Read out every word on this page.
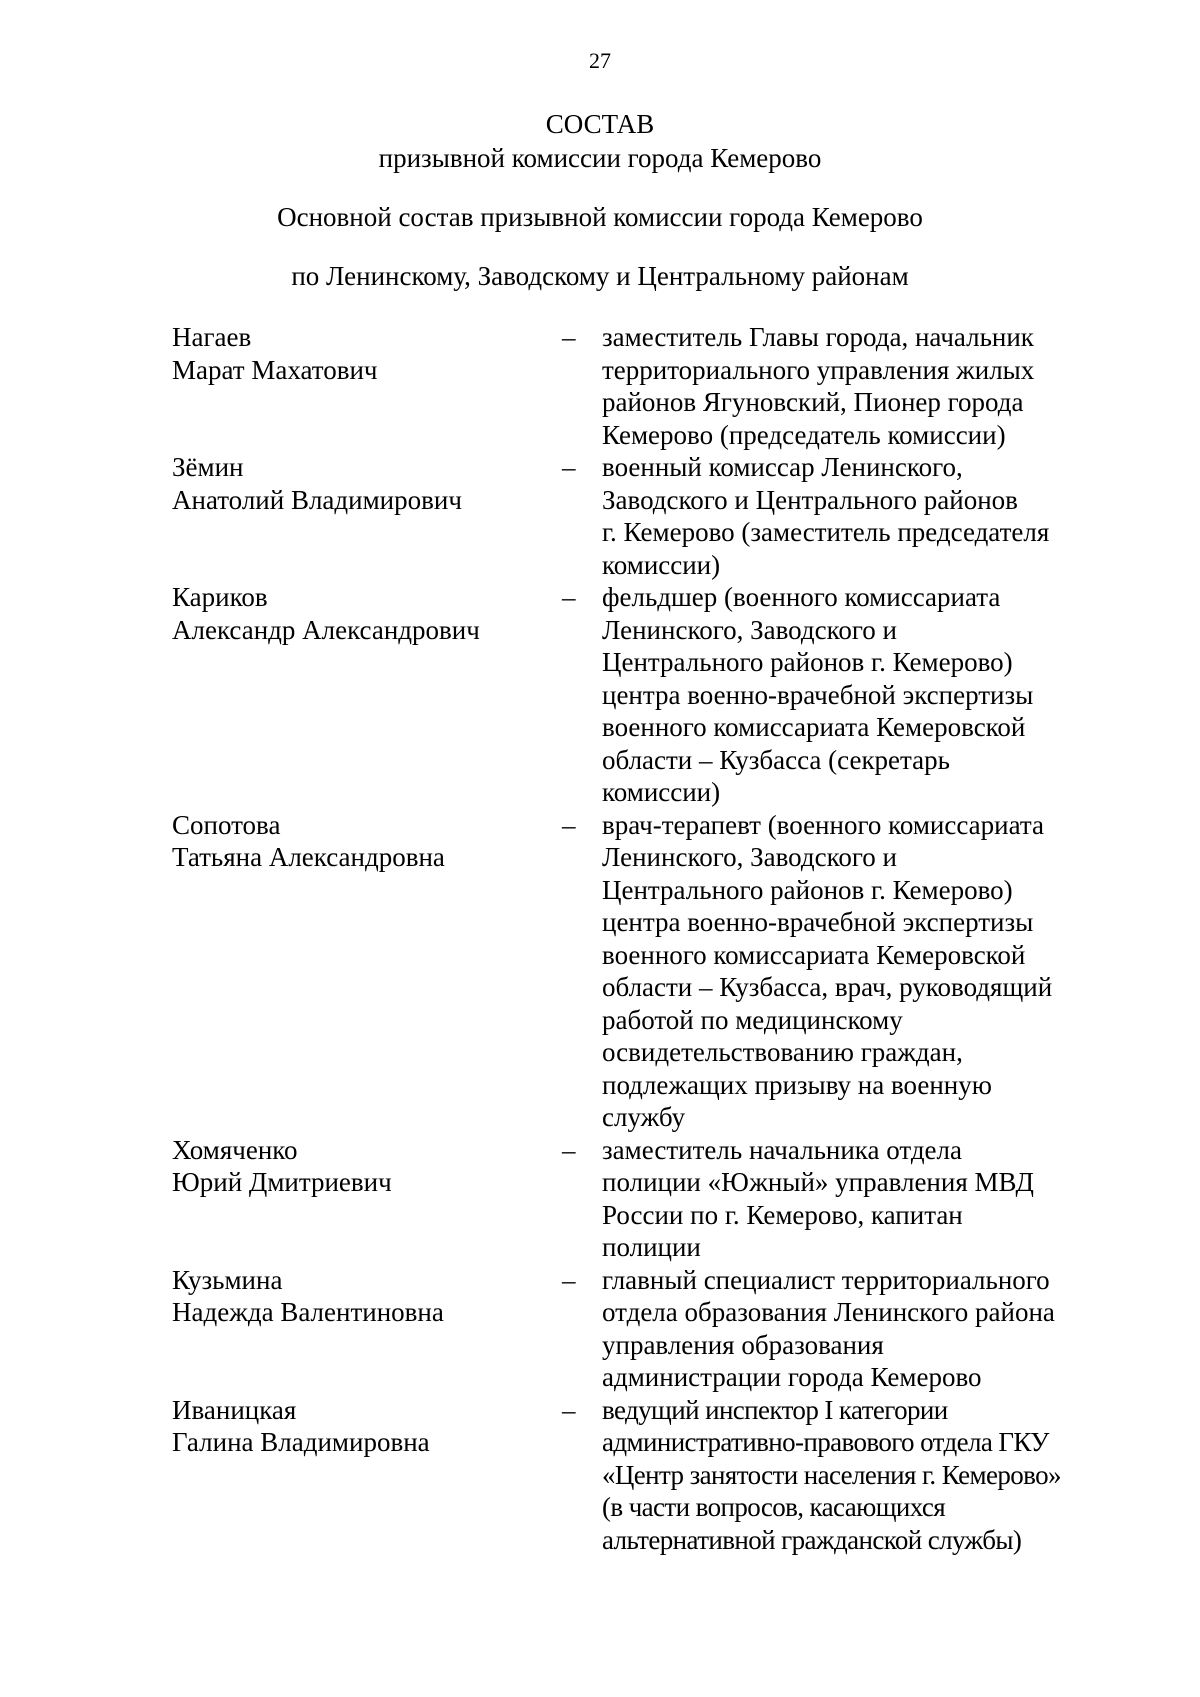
27
СОСТАВ
призывной комиссии города Кемерово
Основной состав призывной комиссии города Кемерово
по Ленинскому, Заводскому и Центральному районам
Нагаев
Марат Махатович
– заместитель Главы города, начальник
территориального управления жилых
районов Ягуновский, Пионер города
Кемерово (председатель комиссии)
Зёмин
Анатолий Владимирович
– военный комиссар Ленинского,
Заводского и Центрального районов
г. Кемерово (заместитель председателя
комиссии)
Кариков
Александр Александрович
– фельдшер (военного комиссариата
Ленинского, Заводского и
Центрального районов г. Кемерово)
центра военно-врачебной экспертизы
военного комиссариата Кемеровской
области – Кузбасса (секретарь
комиссии)
Сопотова
Татьяна Александровна
– врач-терапевт (военного комиссариата
Ленинского, Заводского и
Центрального районов г. Кемерово)
центра военно-врачебной экспертизы
военного комиссариата Кемеровской
области – Кузбасса, врач, руководящий
работой по медицинскому
освидетельствованию граждан,
подлежащих призыву на военную
службу
Хомяченко
Юрий Дмитриевич
– заместитель начальника отдела
полиции «Южный» управления МВД
России по г. Кемерово, капитан
полиции
Кузьмина
Надежда Валентиновна
– главный специалист территориального
отдела образования Ленинского района
управления образования
администрации города Кемерово
Иваницкая
Галина Владимировна
– ведущий инспектор I категории
административно-правового отдела ГКУ
«Центр занятости населения г. Кемерово»
(в части вопросов, касающихся
альтернативной гражданской службы)
